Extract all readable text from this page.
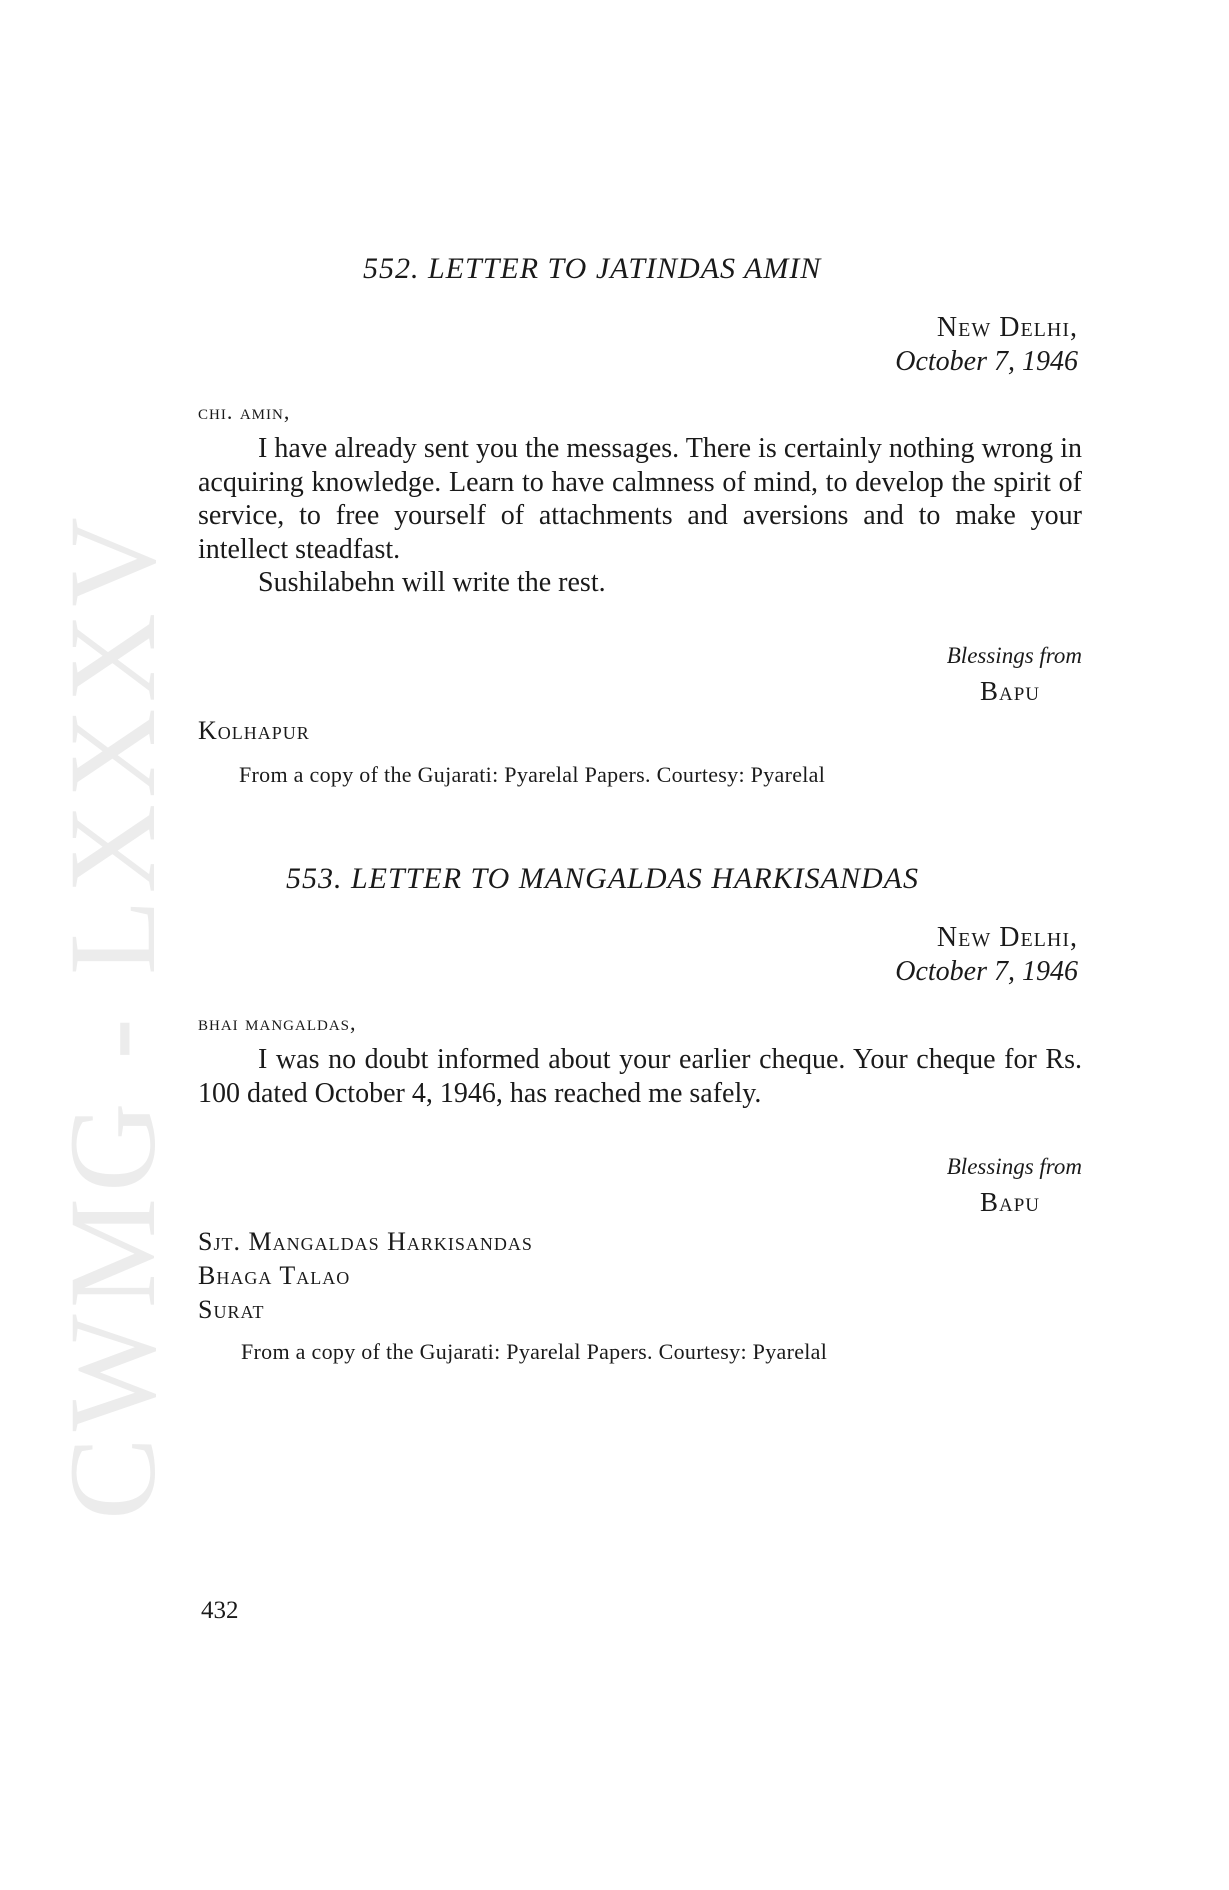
CWMG - LXXXV
552. LETTER TO JATINDAS AMIN
New Delhi,
October 7, 1946
chi. amin,
I have already sent you the messages. There is certainly nothing wrong in acquiring knowledge. Learn to have calmness of mind, to develop the spirit of service, to free yourself of attachments and aversions and to make your intellect steadfast.
Sushilabehn will write the rest.
Blessings from
Bapu
Kolhapur
From a copy of the Gujarati: Pyarelal Papers. Courtesy: Pyarelal
553. LETTER TO MANGALDAS HARKISANDAS
New Delhi,
October 7, 1946
bhai mangaldas,
I was no doubt informed about your earlier cheque. Your cheque for Rs. 100 dated October 4, 1946, has reached me safely.
Blessings from
Bapu
Sjt. Mangaldas Harkisandas
Bhaga Talao
Surat
From a copy of the Gujarati: Pyarelal Papers. Courtesy: Pyarelal
432
